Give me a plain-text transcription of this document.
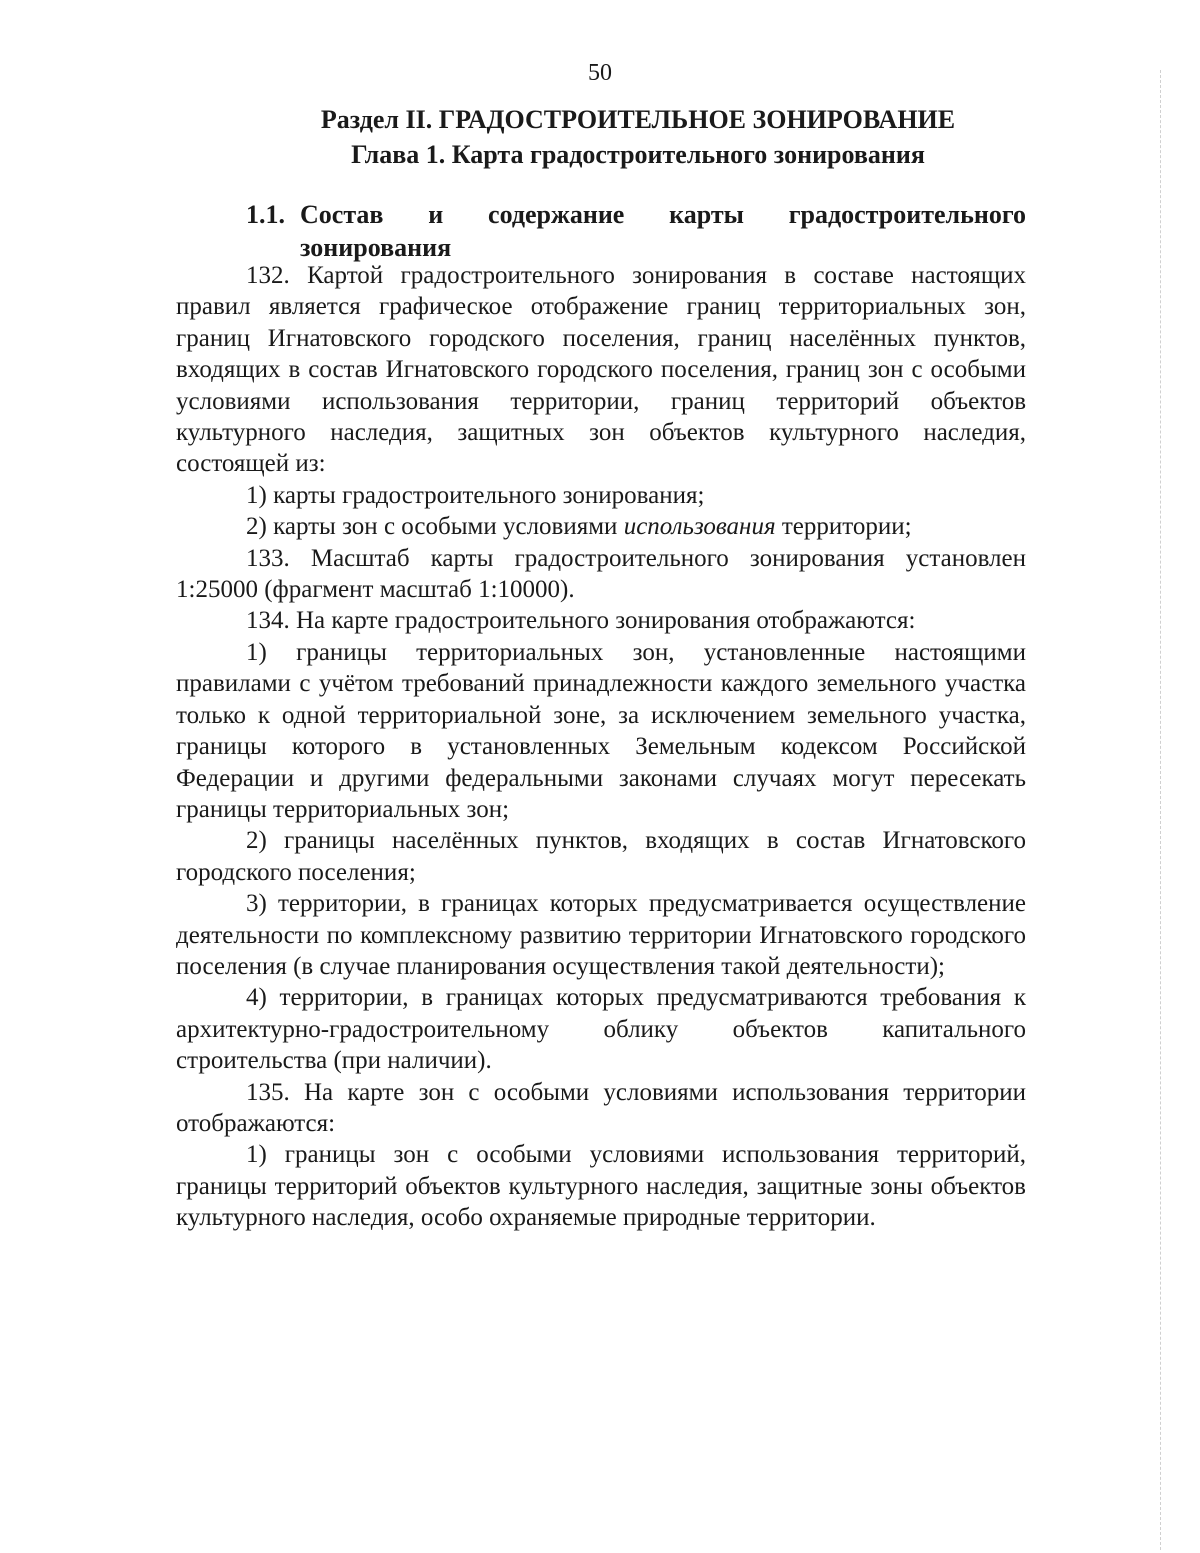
50
Раздел II. ГРАДОСТРОИТЕЛЬНОЕ ЗОНИРОВАНИЕ
Глава 1. Карта градостроительного зонирования
1.1. Состав и содержание карты градостроительного
зонирования

132. Картой градостроительного зонирования в составе настоящих правил является графическое отображение границ территориальных зон, границ Игнатовского городского поселения, границ населённых пунктов, входящих в состав Игнатовского городского поселения, границ зон с особыми условиями использования территории, границ территорий объектов культурного наследия, защитных зон объектов культурного наследия, состоящей из:

1) карты градостроительного зонирования;

2) карты зон с особыми условиями использования территории;

133. Масштаб карты градостроительного зонирования установлен 1:25000 (фрагмент масштаб 1:10000).

134. На карте градостроительного зонирования отображаются:

1) границы территориальных зон, установленные настоящими правилами с учётом требований принадлежности каждого земельного участка только к одной территориальной зоне, за исключением земельного участка, границы которого в установленных Земельным кодексом Российской Федерации и другими федеральными законами случаях могут пересекать границы территориальных зон;

2) границы населённых пунктов, входящих в состав Игнатовского городского поселения;

3) территории, в границах которых предусматривается осуществление деятельности по комплексному развитию территории Игнатовского городского поселения (в случае планирования осуществления такой деятельности);

4) территории, в границах которых предусматриваются требования к архитектурно-градостроительному облику объектов капитального строительства (при наличии).

135. На карте зон с особыми условиями использования территории отображаются:

1) границы зон с особыми условиями использования территорий, границы территорий объектов культурного наследия, защитные зоны объектов культурного наследия, особо охраняемые природные территории.
